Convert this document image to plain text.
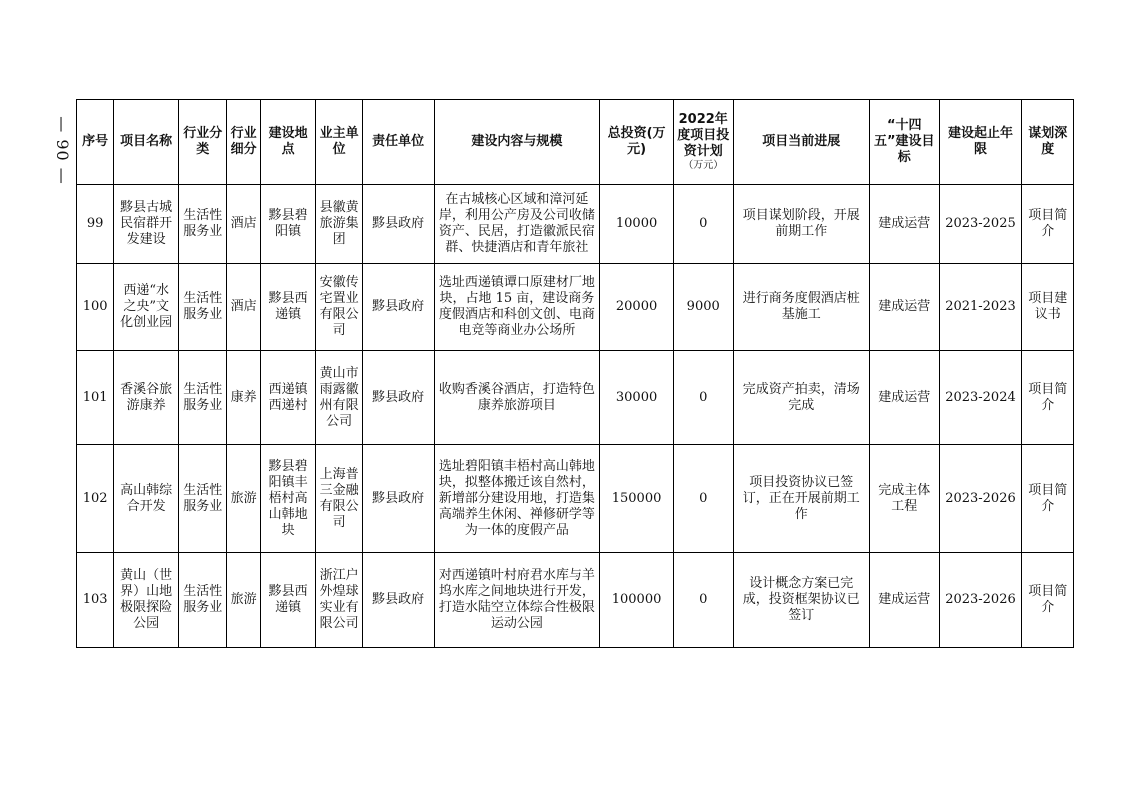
— 90 — 序号	项目名称	行业分类	行业细分	建设地点	业主单位	责任单位	建设内容与规模	总投资(万元)	2022年度项目投资计划
（万元）	项目当前进展	“十四五”建设目标	建设起止年限	谋划深度
99	黟县古城民宿群开发建设	生活性服务业	酒店	黟县碧阳镇	县徽黄旅游集团	黟县政府	在古城核心区域和漳河延岸，利用公产房及公司收储资产、民居，打造徽派民宿群、快捷酒店和青年旅社	10000	0	项目谋划阶段，开展前期工作	建成运营	2023-2025	项目简介
100	西递“水之央”文化创业园	生活性服务业	酒店	黟县西递镇	安徽传宅置业有限公司	黟县政府	选址西递镇谭口原建材厂地块，占地 15 亩，建设商务度假酒店和科创文创、电商电竞等商业办公场所	20000	9000	进行商务度假酒店桩基施工	建成运营	2021-2023	项目建议书
101	香溪谷旅游康养	生活性服务业	康养	西递镇西递村	黄山市雨露徽州有限公司	黟县政府	收购香溪谷酒店，打造特色康养旅游项目	30000	0	完成资产拍卖，清场完成	建成运营	2023-2024	项目简介
102	高山韩综合开发	生活性服务业	旅游	黟县碧阳镇丰梧村高山韩地块	上海普三金融有限公司	黟县政府	选址碧阳镇丰梧村高山韩地块，拟整体搬迁该自然村，新增部分建设用地，打造集高端养生休闲、禅修研学等为一体的度假产品	150000	0	项目投资协议已签订，正在开展前期工作	完成主体工程	2023-2026	项目简介
103	黄山（世界）山地极限探险公园	生活性服务业	旅游	黟县西递镇	浙江户外煌球实业有限公司	黟县政府	对西递镇叶村府君水库与羊坞水库之间地块进行开发，打造水陆空立体综合性极限运动公园	100000	0	设计概念方案已完成，投资框架协议已签订	建成运营	2023-2026	项目简介
